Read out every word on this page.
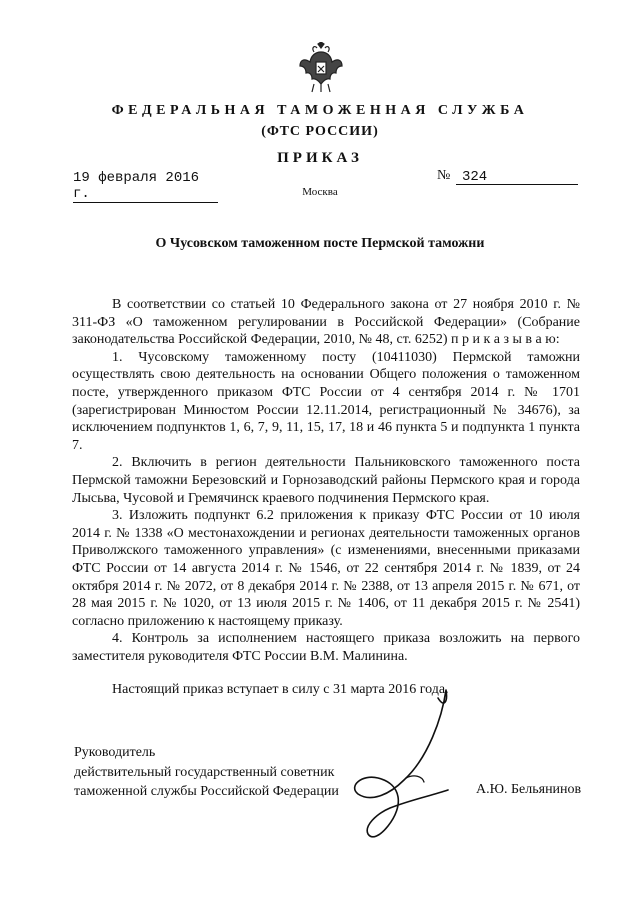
ФЕДЕРАЛЬНАЯ ТАМОЖЕННАЯ СЛУЖБА
(ФТС РОССИИ)
ПРИКАЗ
19 февраля 2016 г.
№ 324
Москва
О Чусовском таможенном посте Пермской таможни

В соответствии со статьей 10 Федерального закона от 27 ноября 2010 г. № 311-ФЗ «О таможенном регулировании в Российской Федерации» (Собрание законодательства Российской Федерации, 2010, № 48, ст. 6252) п р и к а з ы в а ю:

1. Чусовскому таможенному посту (10411030) Пермской таможни осуществлять свою деятельность на основании Общего положения о таможенном посте, утвержденного приказом ФТС России от 4 сентября 2014 г. № 1701 (зарегистрирован Минюстом России 12.11.2014, регистрационный № 34676), за исключением подпунктов 1, 6, 7, 9, 11, 15, 17, 18 и 46 пункта 5 и подпункта 1 пункта 7.

2. Включить в регион деятельности Пальниковского таможенного поста Пермской таможни Березовский и Горнозаводский районы Пермского края и города Лысьва, Чусовой и Гремячинск краевого подчинения Пермского края.

3. Изложить подпункт 6.2 приложения к приказу ФТС России от 10 июля 2014 г. № 1338 «О местонахождении и регионах деятельности таможенных органов Приволжского таможенного управления» (с изменениями, внесенными приказами ФТС России от 14 августа 2014 г. № 1546, от 22 сентября 2014 г. № 1839, от 24 октября 2014 г. № 2072, от 8 декабря 2014 г. № 2388, от 13 апреля 2015 г. № 671, от 28 мая 2015 г. № 1020, от 13 июля 2015 г. № 1406, от 11 декабря 2015 г. № 2541) согласно приложению к настоящему приказу.

4. Контроль за исполнением настоящего приказа возложить на первого заместителя руководителя ФТС России В.М. Малинина.

Настоящий приказ вступает в силу с 31 марта 2016 года.
Руководитель
действительный государственный советник
таможенной службы Российской Федерации	А.Ю. Бельянинов
